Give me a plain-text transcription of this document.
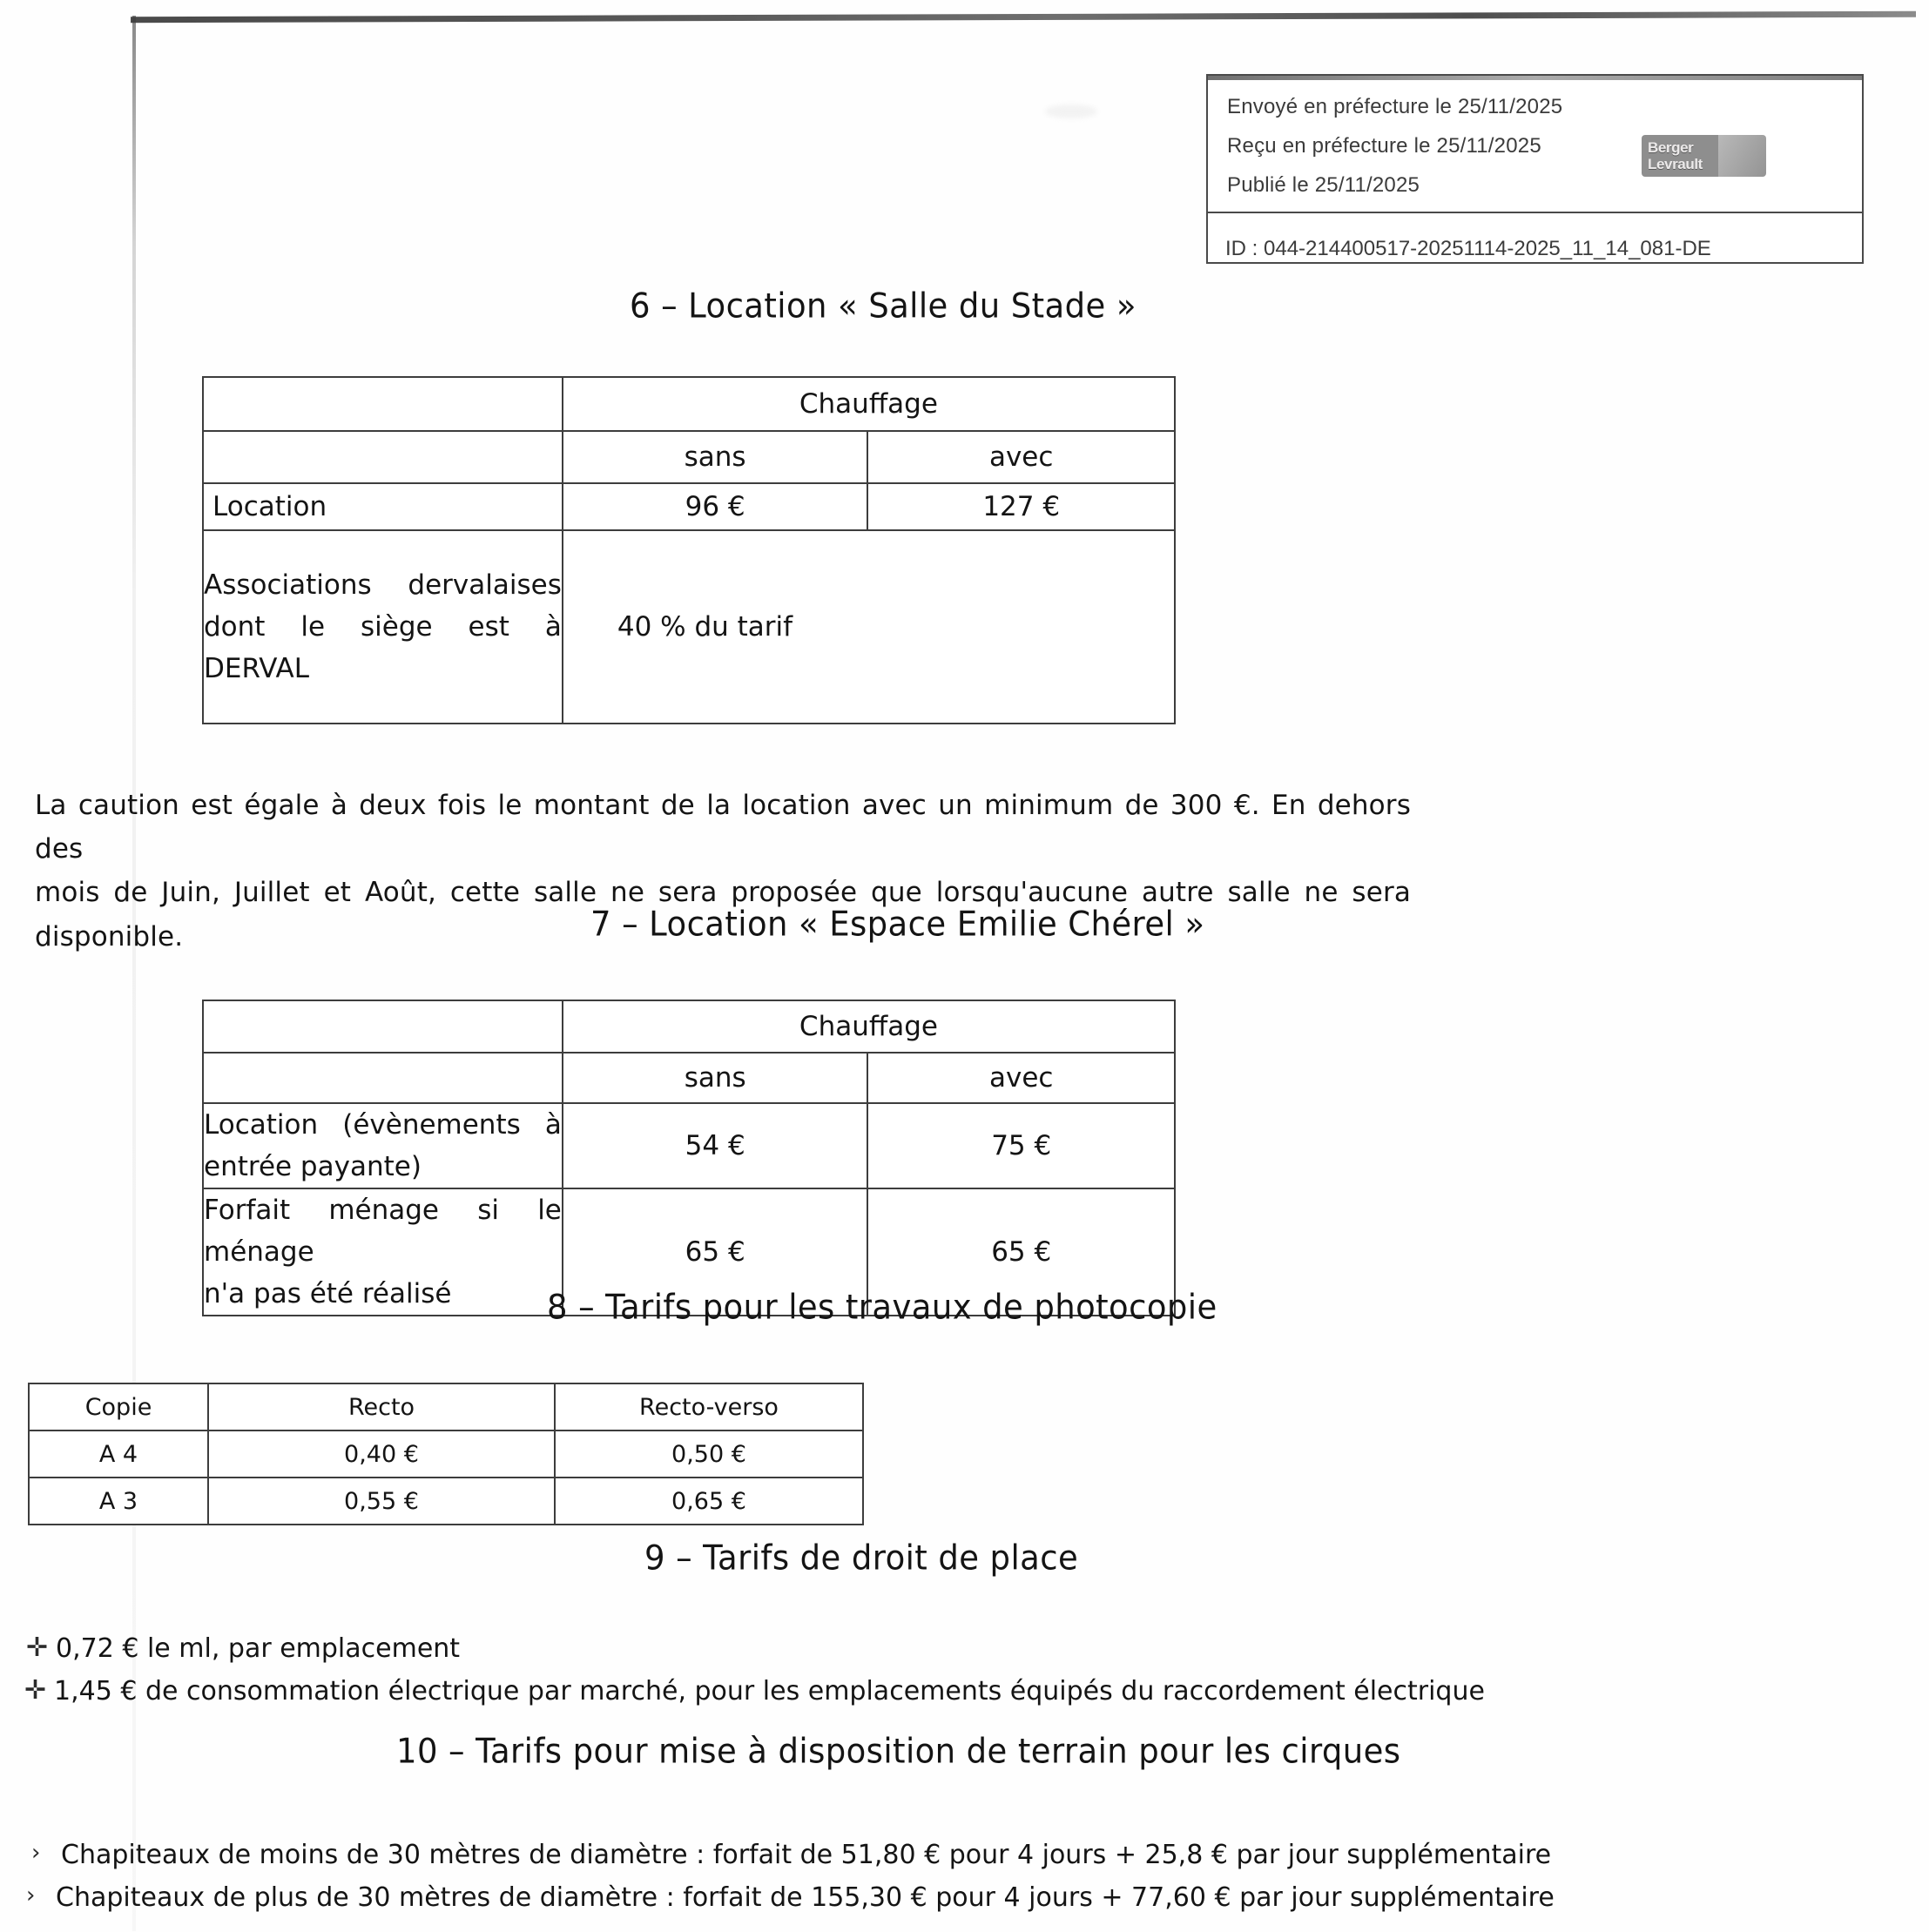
Envoyé en préfecture le 25/11/2025
Reçu en préfecture le 25/11/2025
Publié le 25/11/2025
Berger
Levrault
ID : 044-214400517-20251114-2025_11_14_081-DE
6 – Location « Salle du Stade »
	Chauffage	
	sans	avec
Location	96 €	127 €

Associations dervalaises
dont le siège est à DERVAL	40 % du tarif	
La caution est égale à deux fois le montant de la location avec un minimum de 300 €. En dehors des
mois de Juin, Juillet et Août, cette salle ne sera proposée que lorsqu'aucune autre salle ne sera disponible.	7 – Location « Espace Emilie Chérel »
	Chauffage	
	sans	avec

Location (évènements à
entrée payante)	54 €	75 €

Forfait ménage si le ménage
n'a pas été réalisé	65 €	65 €
8 – Tarifs pour les travaux de photocopie
Copie	Recto	Recto-verso
A 4	0,40 €	0,50 €
A 3	0,55 €	0,65 €
9 – Tarifs de droit de place
✛ 0,72 € le ml, par emplacement
✛ 1,45 € de consommation électrique par marché, pour les emplacements équipés du raccordement électrique
10 – Tarifs pour mise à disposition de terrain pour les cirques
› Chapiteaux de moins de 30 mètres de diamètre : forfait de 51,80 € pour 4 jours + 25,8 € par jour supplémentaire
› Chapiteaux de plus de 30 mètres de diamètre : forfait de 155,30 € pour 4 jours + 77,60 € par jour supplémentaire
